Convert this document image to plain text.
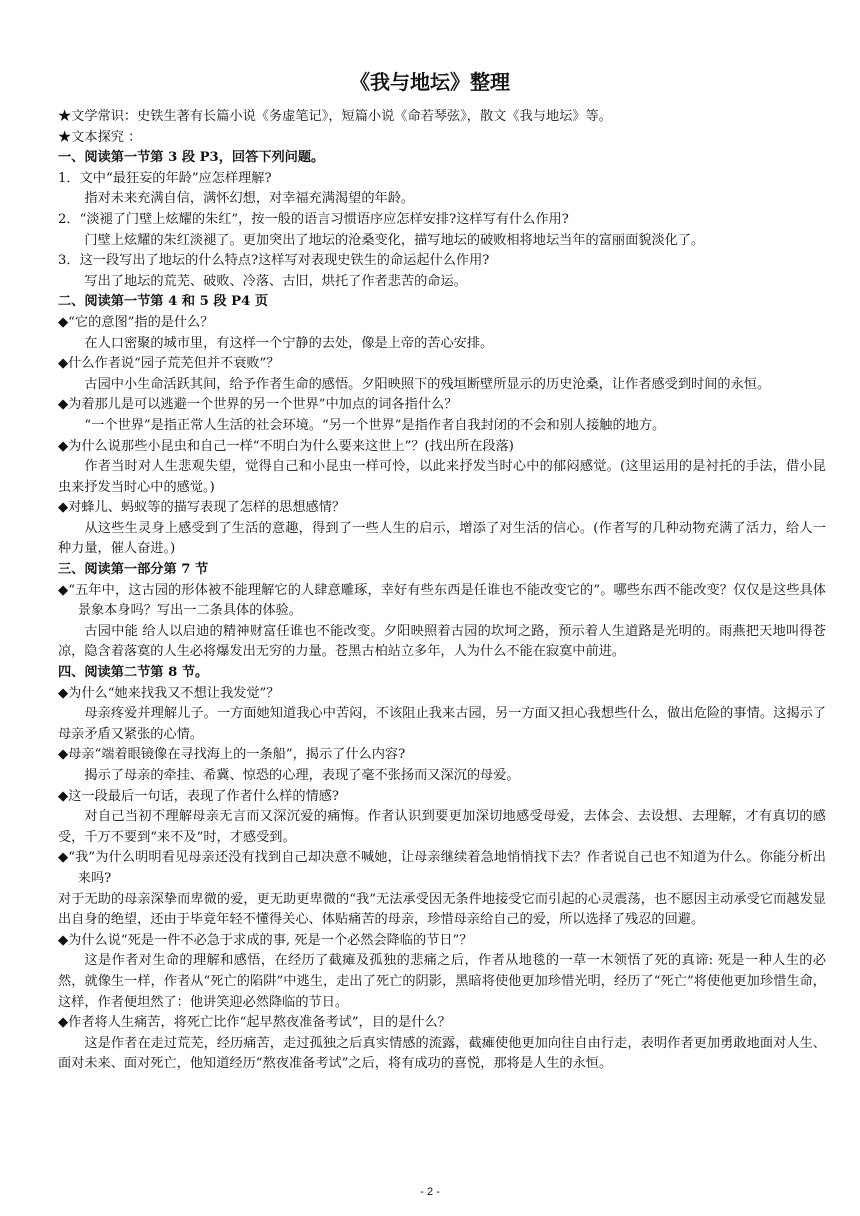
《我与地坛》整理

★文学常识：史铁生著有长篇小说《务虚笔记》，短篇小说《命若琴弦》，散文《我与地坛》等。

★文本探究 ：

一、阅读第一节第 3 段 P3，回答下列问题。

1．文中“最狂妄的年龄”应怎样理解?

指对未来充满自信，满怀幻想，对幸福充满渴望的年龄。

2．“淡褪了门壁上炫耀的朱红”，按一般的语言习惯语序应怎样安排?这样写有什么作用?

门壁上炫耀的朱红淡褪了。更加突出了地坛的沧桑变化，描写地坛的破败相将地坛当年的富丽面貌淡化了。

3．这一段写出了地坛的什么特点?这样写对表现史铁生的命运起什么作用?

写出了地坛的荒芜、破败、冷落、古旧，烘托了作者悲苦的命运。

二、阅读第一节第 4 和 5 段 P4 页

◆“它的意图”指的是什么？

在人口密聚的城市里，有这样一个宁静的去处，像是上帝的苦心安排。

◆什么作者说“园子荒芜但并不衰败”？

古园中小生命活跃其间，给予作者生命的感悟。夕阳映照下的残垣断壁所显示的历史沧桑，让作者感受到时间的永恒。

◆为着那儿是可以逃避一个世界的另一个世界”中加点的词各指什么？

“一个世界”是指正常人生活的社会环境。“另一个世界”是指作者自我封闭的不会和别人接触的地方。

◆为什么说那些小昆虫和自己一样“不明白为什么要来这世上”？(找出所在段落)

作者当时对人生悲观失望，觉得自己和小昆虫一样可怜，以此来抒发当时心中的郁闷感觉。(这里运用的是衬托的手法，借小昆虫来抒发当时心中的感觉。)

◆对蜂儿、蚂蚁等的描写表现了怎样的思想感情？

从这些生灵身上感受到了生活的意趣，得到了一些人生的启示，增添了对生活的信心。(作者写的几种动物充满了活力，给人一种力量，催人奋进。)

三、阅读第一部分第 7 节

◆“五年中，这古园的形体被不能理解它的人肆意雕琢，幸好有些东西是任谁也不能改变它的”。哪些东西不能改变？仅仅是这些具体景象本身吗？写出一二条具体的体验。

古园中能 给人以启迪的精神财富任谁也不能改变。夕阳映照着古园的坎坷之路，预示着人生道路是光明的。雨燕把天地叫得苍凉，隐含着落寞的人生必将爆发出无穷的力量。苍黑古柏站立多年，人为什么不能在寂寞中前进。

四、阅读第二节第 8 节。

◆为什么“她来找我又不想让我发觉”？

母亲疼爱并理解儿子。一方面她知道我心中苦闷，不该阻止我来古园，另一方面又担心我想些什么，做出危险的事情。这揭示了母亲矛盾又紧张的心情。

◆母亲“端着眼镜像在寻找海上的一条船”，揭示了什么内容?

揭示了母亲的牵挂、希冀、惊恐的心理，表现了毫不张扬而又深沉的母爱。

◆这一段最后一句话，表现了作者什么样的情感?

对自己当初不理解母亲无言而又深沉爱的痛悔。作者认识到要更加深切地感受母爱，去体会、去设想、去理解，才有真切的感受，千万不要到“来不及”时，才感受到。

◆“我”为什么明明看见母亲还没有找到自己却决意不喊她，让母亲继续着急地悄悄找下去？作者说自己也不知道为什么。你能分析出来吗?

对于无助的母亲深挚而卑微的爱，更无助更卑微的“我”无法承受因无条件地接受它而引起的心灵震荡，也不愿因主动承受它而越发显出自身的绝望，还由于毕竟年轻不懂得关心、体贴痛苦的母亲，珍惜母亲给自己的爱，所以选择了残忍的回避。

◆为什么说“死是一件不必急于求成的事, 死是一个必然会降临的节日”？

这是作者对生命的理解和感悟，在经历了截瘫及孤独的悲痛之后，作者从地毯的一草一木领悟了死的真谛: 死是一种人生的必然，就像生一样，作者从“死亡的陷阱”中逃生，走出了死亡的阴影，黑暗将使他更加珍惜光明，经历了“死亡”将使他更加珍惜生命，这样，作者便坦然了：他讲笑迎必然降临的节日。

◆作者将人生痛苦，将死亡比作“起早熬夜准备考试”，目的是什么？

这是作者在走过荒芜，经历痛苦，走过孤独之后真实情感的流露，截瘫使他更加向往自由行走，表明作者更加勇敢地面对人生、面对未来、面对死亡，他知道经历“熬夜准备考试”之后，将有成功的喜悦，那将是人生的永恒。

- 2 -
